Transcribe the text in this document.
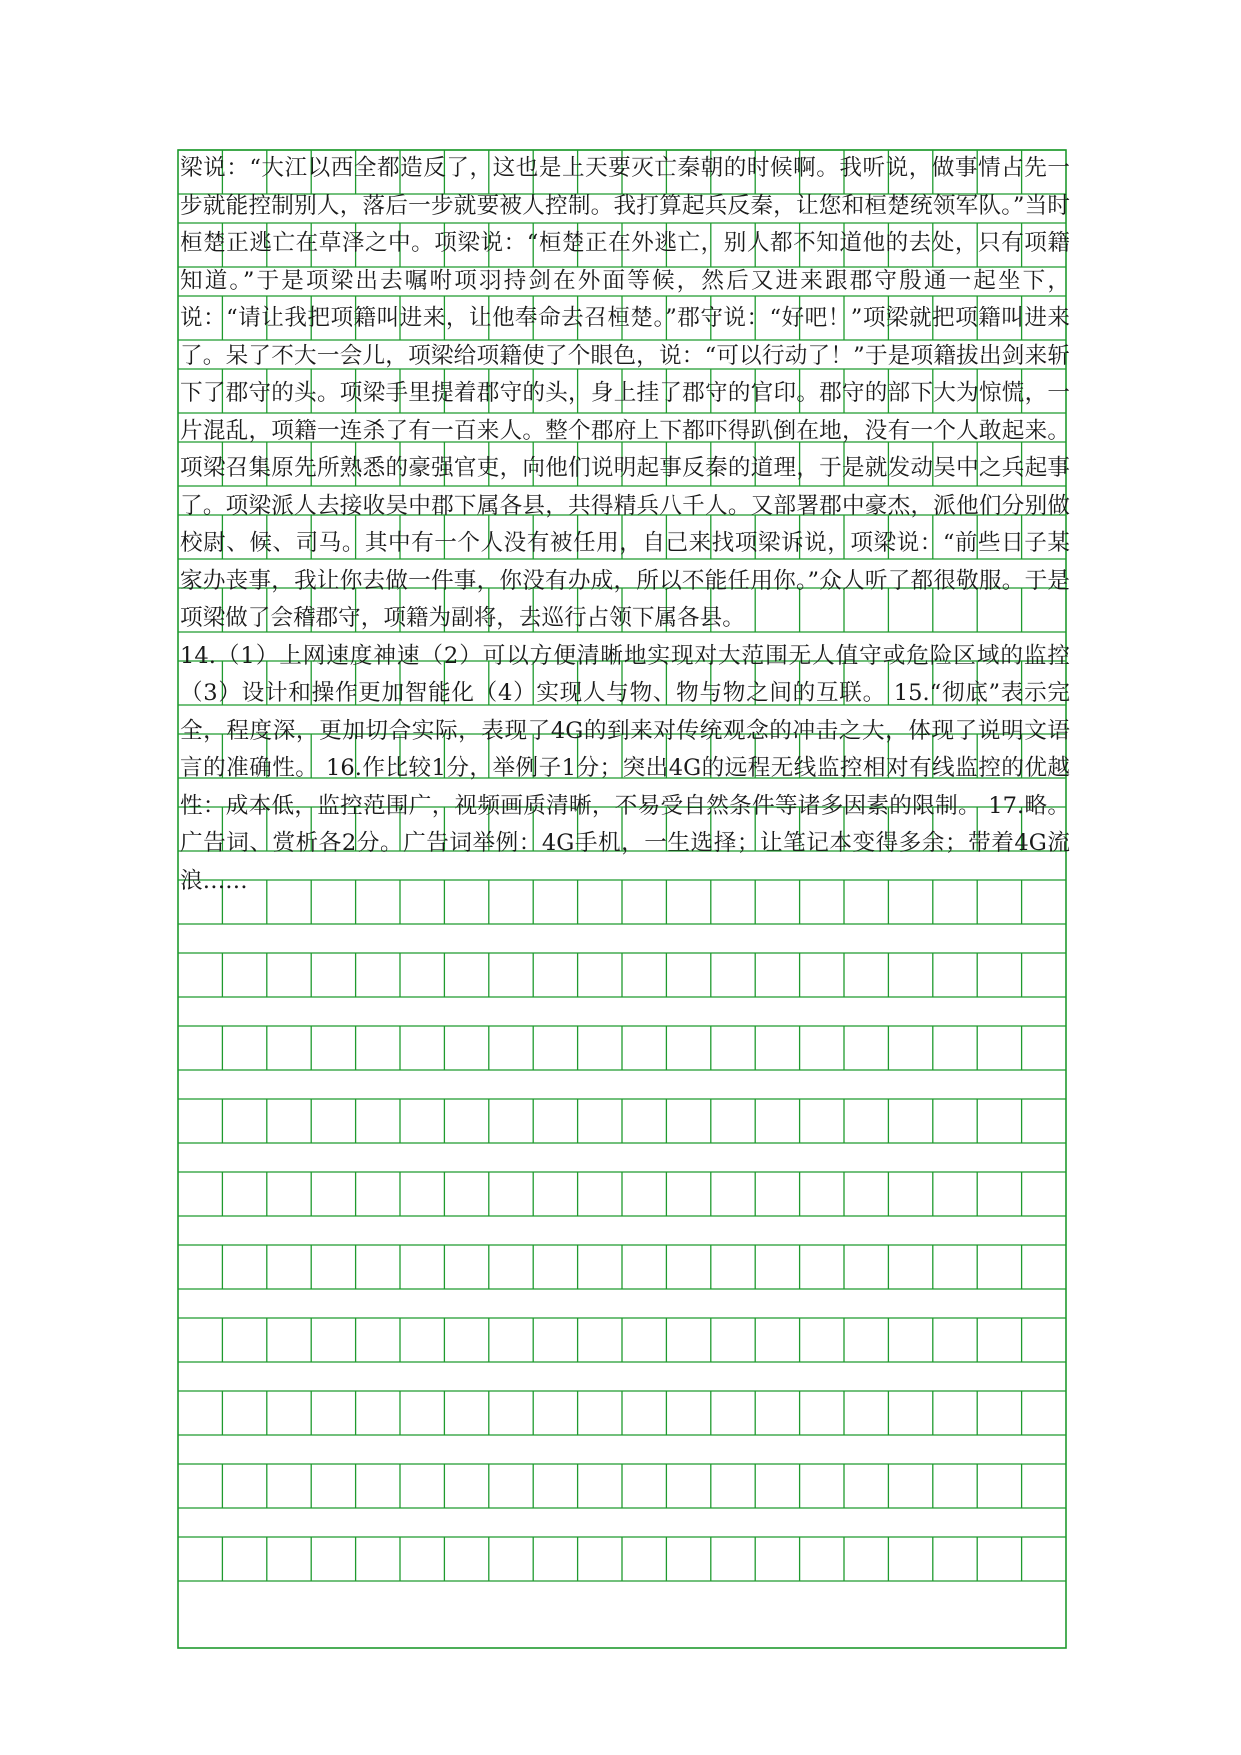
梁说：“大江以西全都造反了，这也是上天要灭亡秦朝的时候啊。我听说，做事情占先一步就能控制别人，落后一步就要被人控制。我打算起兵反秦，让您和桓楚统领军队。”当时桓楚正逃亡在草泽之中。项梁说：“桓楚正在外逃亡，别人都不知道他的去处，只有项籍知道。”于是项梁出去嘱咐项羽持剑在外面等候，然后又进来跟郡守殷通一起坐下，说：“请让我把项籍叫进来，让他奉命去召桓楚。”郡守说：“好吧！”项梁就把项籍叫进来了。呆了不大一会儿，项梁给项籍使了个眼色，说：“可以行动了！”于是项籍拔出剑来斩下了郡守的头。项梁手里提着郡守的头，身上挂了郡守的官印。郡守的部下大为惊慌，一片混乱，项籍一连杀了有一百来人。整个郡府上下都吓得趴倒在地，没有一个人敢起来。项梁召集原先所熟悉的豪强官吏，向他们说明起事反秦的道理，于是就发动吴中之兵起事了。项梁派人去接收吴中郡下属各县，共得精兵八千人。又部署郡中豪杰，派他们分别做校尉、候、司马。其中有一个人没有被任用，自己来找项梁诉说，项梁说：“前些日子某家办丧事，我让你去做一件事，你没有办成，所以不能任用你。”众人听了都很敬服。于是项梁做了会稽郡守，项籍为副将，去巡行占领下属各县。

14.（1）上网速度神速（2）可以方便清晰地实现对大范围无人值守或危险区域的监控 （3）设计和操作更加智能化（4）实现人与物、物与物之间的互联。 15.“彻底”表示完全，程度深，更加切合实际，表现了4G的到来对传统观念的冲击之大，体现了说明文语言的准确性。 16.作比较1分，举例子1分；突出4G的远程无线监控相对有线监控的优越性：成本低，监控范围广，视频画质清晰，不易受自然条件等诸多因素的限制。 17.略。广告词、赏析各2分。广告词举例：4G手机，一生选择；让笔记本变得多余；带着4G流浪……
